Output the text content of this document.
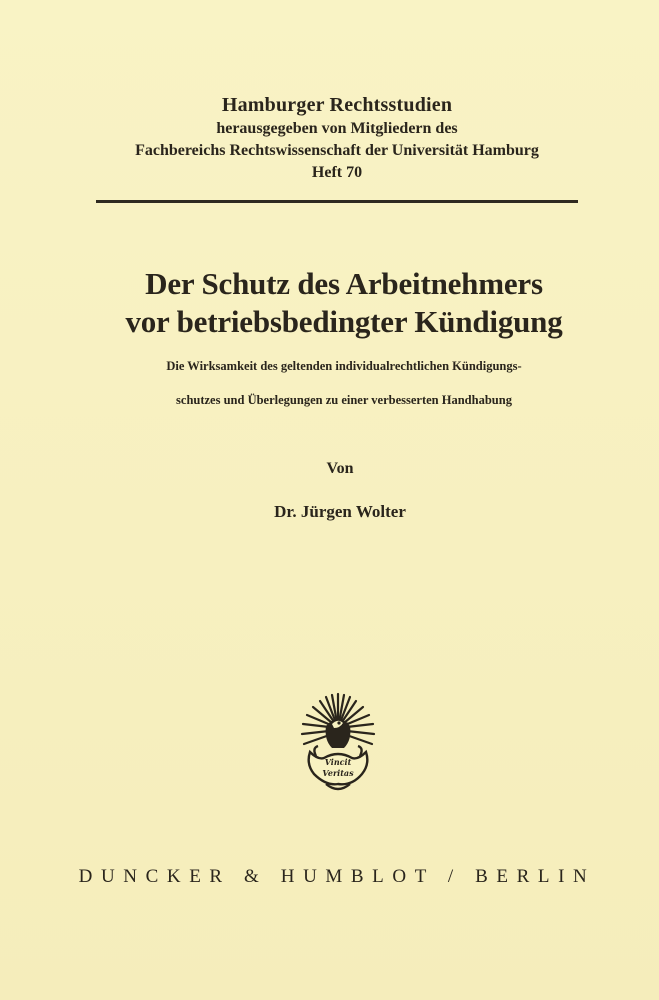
Hamburger Rechtsstudien
herausgegeben von Mitgliedern des
Fachbereichs Rechtswissenschaft der Universität Hamburg
Heft 70
Der Schutz des Arbeitnehmers
vor betriebsbedingter Kündigung
Die Wirksamkeit des geltenden individualrechtlichen Kündigungs-
schutzes und Überlegungen zu einer verbesserten Handhabung
Von
Dr. Jürgen Wolter
Vincit
Veritas
DUNCKER & HUMBLOT / BERLIN
